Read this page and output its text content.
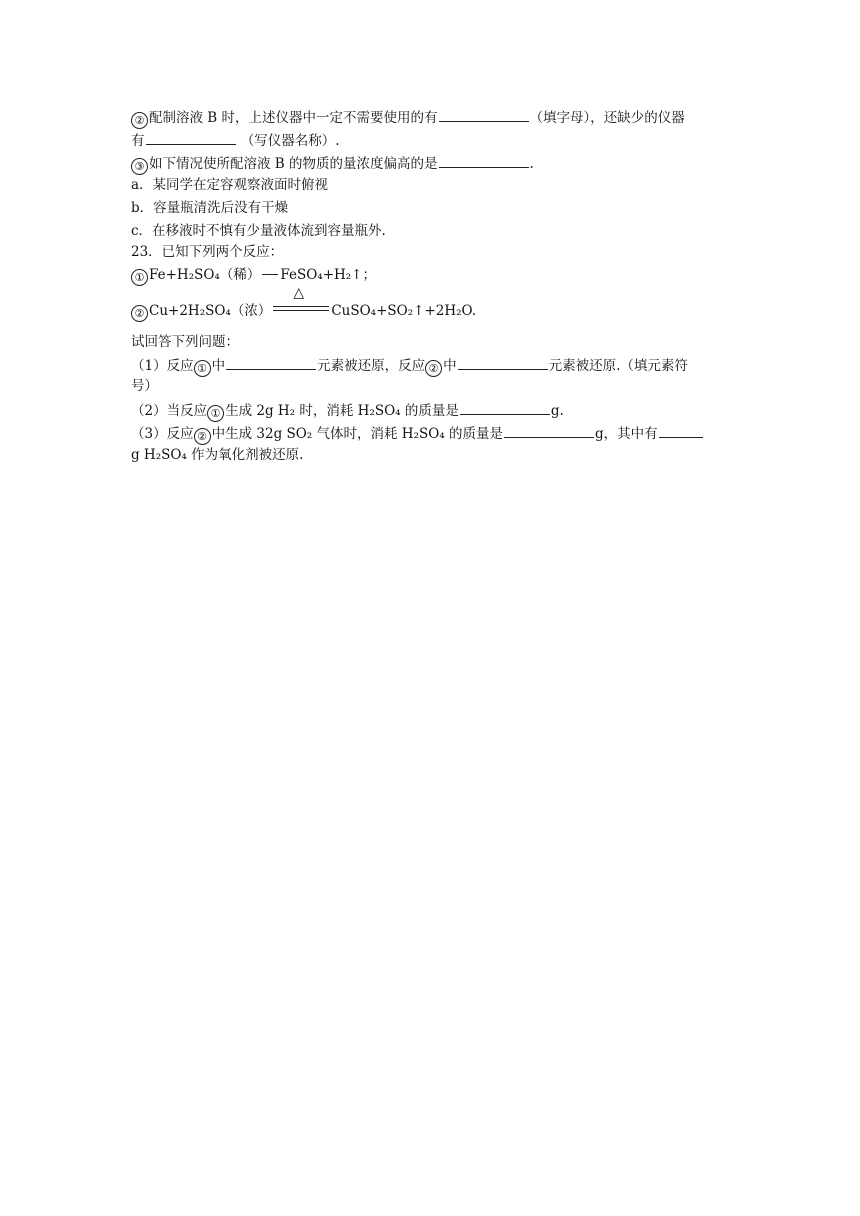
② 配制溶液 B 时，上述仪器中一定不需要使用的有	（填字母），还缺少的仪器
有	（写仪器名称）.
③ 如下情况使所配溶液 B 的物质的量浓度偏高的是	.
a．某同学在定容观察液面时俯视
b．容量瓶清洗后没有干燥
c．在移液时不慎有少量液体流到容量瓶外.
23．已知下列两个反应：
① Fe+H₂SO₄（稀） FeSO₄+H₂↑；
② Cu+2H₂SO₄（浓）
△
CuSO₄+SO₂↑+2H₂O.
试回答下列问题：
（1）反应 ① 中	元素被还原，反应 ② 中	元素被还原.（填元素符
号）
（2）当反应 ① 生成 2g H₂ 时，消耗 H₂SO₄ 的质量是	g.
（3）反应 ② 中生成 32g SO₂ 气体时，消耗 H₂SO₄ 的质量是	g，其中有
g H₂SO₄ 作为氧化剂被还原.
